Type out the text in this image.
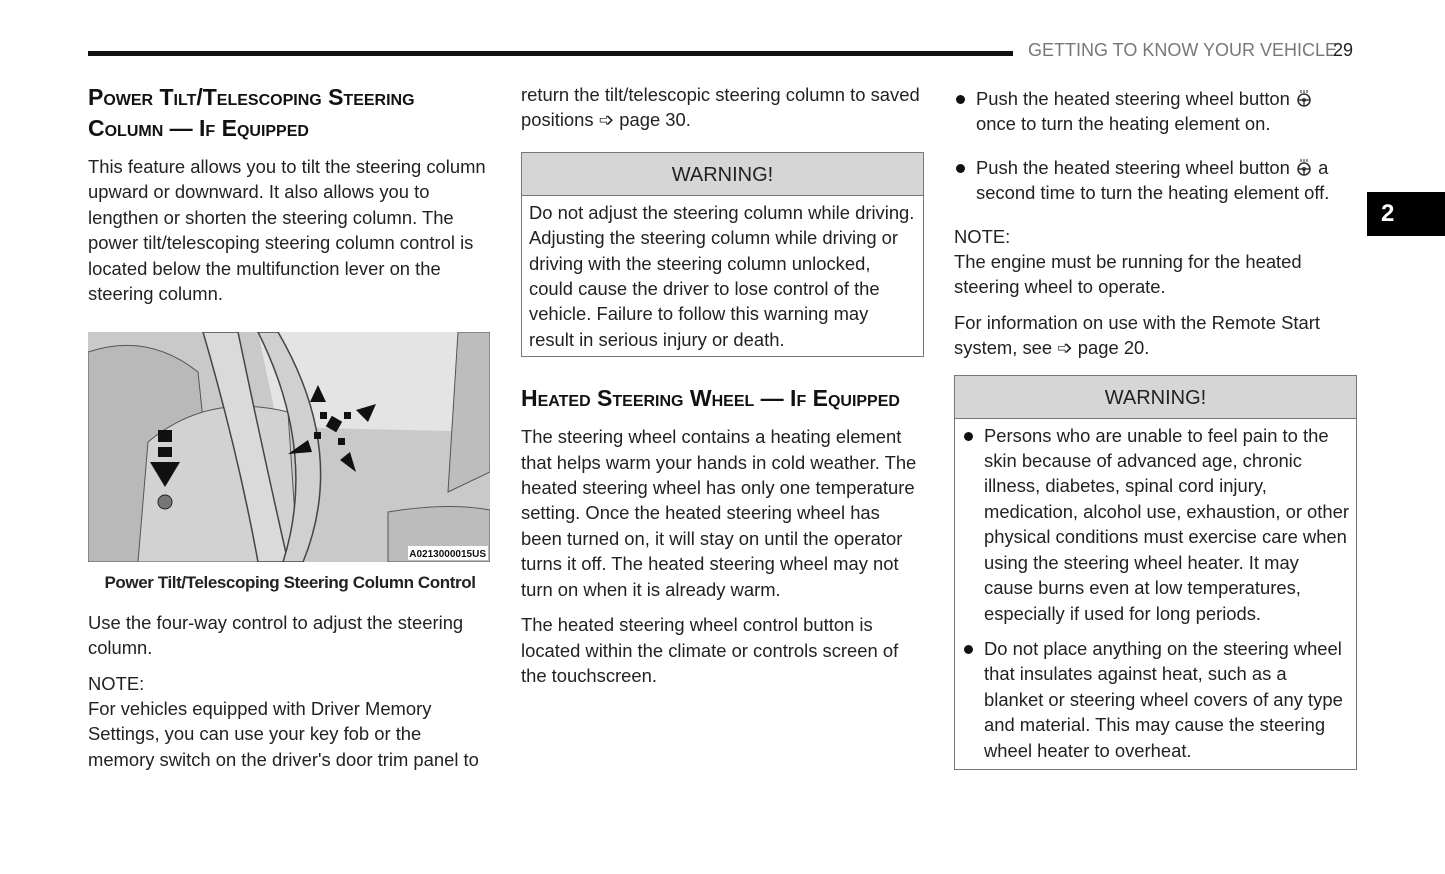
GETTING TO KNOW YOUR VEHICLE
29
2
Power Tilt/Telescoping Steering Column — If Equipped

This feature allows you to tilt the steering column upward or downward. It also allows you to lengthen or shorten the steering column. The power tilt/telescoping steering column control is located below the multifunction lever on the steering column.

A0213000015US
Power Tilt/Telescoping Steering Column Control

Use the four-way control to adjust the steering column.

NOTE:
For vehicles equipped with Driver Memory Settings, you can use your key fob or the memory switch on the driver's door trim panel to

return the tilt/telescopic steering column to saved positions ➩ page 30.

WARNING!
Do not adjust the steering column while driving. Adjusting the steering column while driving or driving with the steering column unlocked, could cause the driver to lose control of the vehicle. Failure to follow this warning may result in serious injury or death.
Heated Steering Wheel — If Equipped

The steering wheel contains a heating element that helps warm your hands in cold weather. The heated steering wheel has only one temperature setting. Once the heated steering wheel has been turned on, it will stay on until the operator turns it off. The heated steering wheel may not turn on when it is already warm.

The heated steering wheel control button is located within the climate or controls screen of the touchscreen.

Push the heated steering wheel button
once to turn the heating element on.
Push the heated steering wheel button a second time to turn the heating element off.
NOTE:

The engine must be running for the heated steering wheel to operate.

For information on use with the Remote Start system, see ➩ page 20.

WARNING!
Persons who are unable to feel pain to the skin because of advanced age, chronic illness, diabetes, spinal cord injury, medication, alcohol use, exhaustion, or other physical conditions must exercise care when using the steering wheel heater. It may cause burns even at low temperatures, especially if used for long periods.
Do not place anything on the steering wheel that insulates against heat, such as a blanket or steering wheel covers of any type and material. This may cause the steering wheel heater to overheat.
